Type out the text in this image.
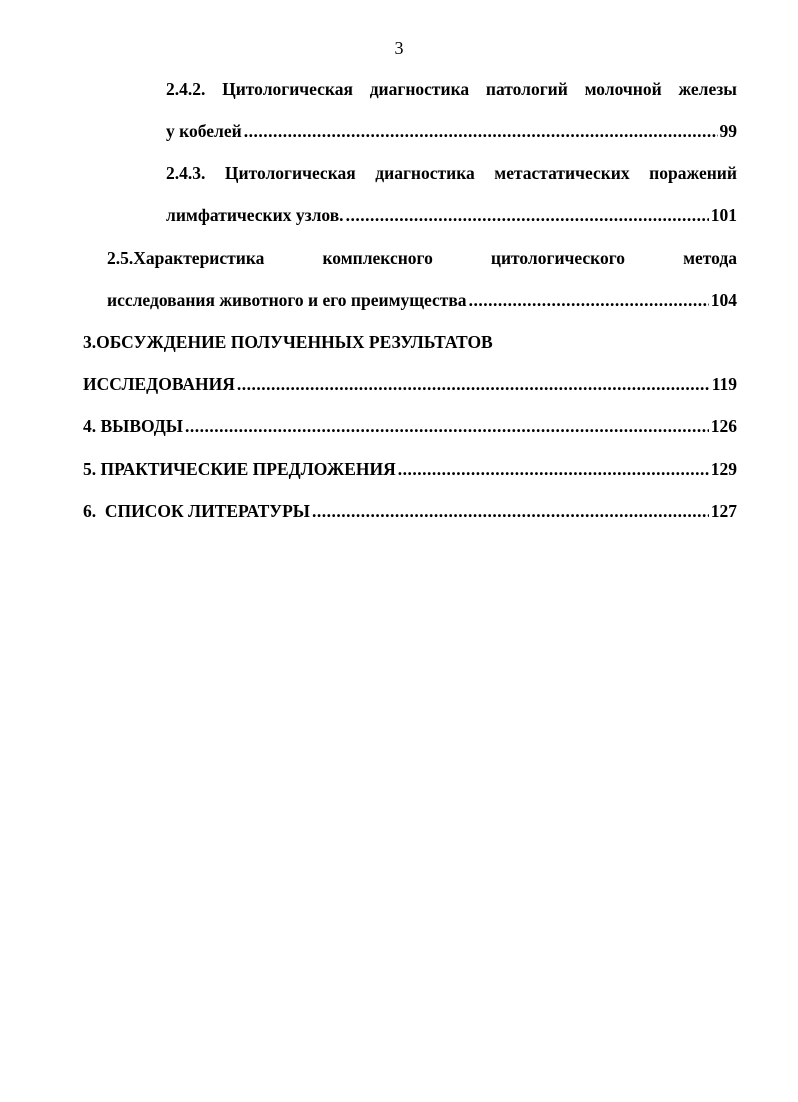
3
2.4.2. Цитологическая диагностика патологий молочной железы
у кобелей .....	99
2.4.3. Цитологическая диагностика метастатических поражений
лимфатических узлов. .....	101
2.5.Характеристика	комплексного	цитологического	метода
исследования животного и его преимущества .....	104
3.ОБСУЖДЕНИЕ ПОЛУЧЕННЫХ РЕЗУЛЬТАТОВ
ИССЛЕДОВАНИЯ .....	119
4. ВЫВОДЫ .....	126
5. ПРАКТИЧЕСКИЕ ПРЕДЛОЖЕНИЯ .....	129
6.  СПИСОК ЛИТЕРАТУРЫ .....	127
